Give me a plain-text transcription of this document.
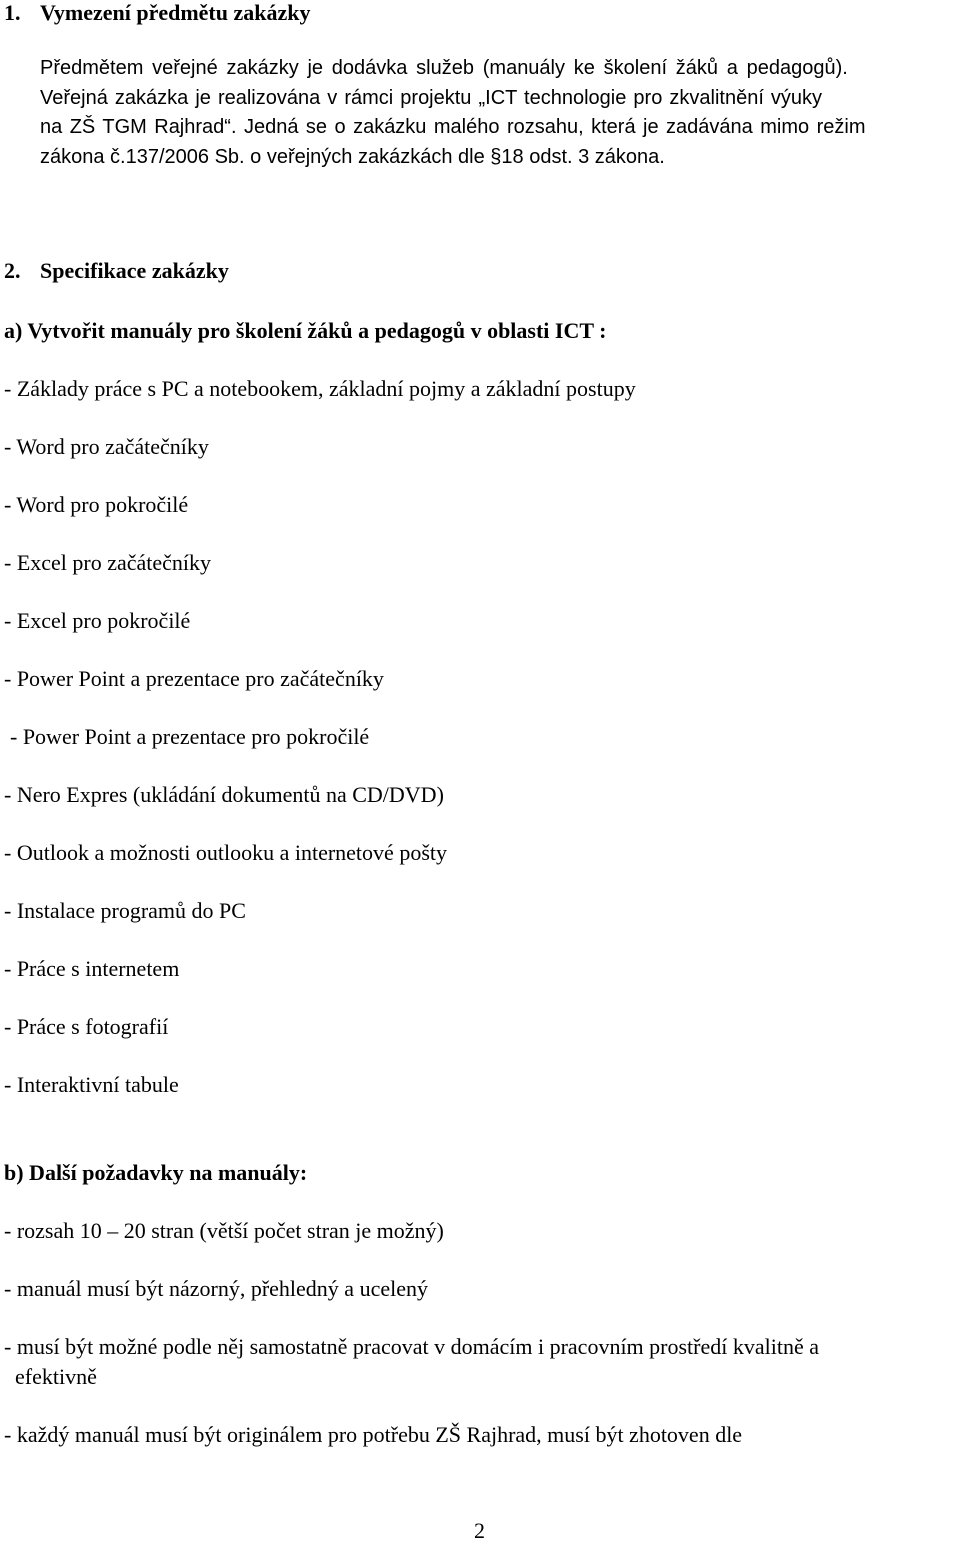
1. Vymezení předmětu zakázky
Předmětem veřejné zakázky je dodávka služeb (manuály ke školení žáků a pedagogů).
Veřejná zakázka je realizována v rámci projektu „ICT technologie pro zkvalitnění výuky
na ZŠ TGM Rajhrad“. Jedná se o zakázku malého rozsahu, která je zadávána mimo režim
zákona č.137/2006 Sb. o veřejných zakázkách dle §18 odst. 3 zákona.
2. Specifikace zakázky
a) Vytvořit manuály pro školení žáků a pedagogů v oblasti ICT :
- Základy práce s PC a notebookem, základní pojmy a základní postupy
- Word pro začátečníky
- Word pro pokročilé
- Excel pro začátečníky
- Excel pro pokročilé
- Power Point a prezentace pro začátečníky
- Power Point a prezentace pro pokročilé
- Nero Expres (ukládání dokumentů na CD/DVD)
- Outlook a možnosti outlooku a internetové pošty
- Instalace programů do PC
- Práce s internetem
- Práce s fotografií
- Interaktivní tabule
b) Další požadavky na manuály:
- rozsah 10 – 20 stran (větší počet stran je možný)
- manuál musí být názorný, přehledný a ucelený
- musí být možné podle něj samostatně pracovat v domácím i pracovním prostředí kvalitně a
efektivně
- každý manuál musí být originálem pro potřebu ZŠ Rajhrad, musí být zhotoven dle
2
